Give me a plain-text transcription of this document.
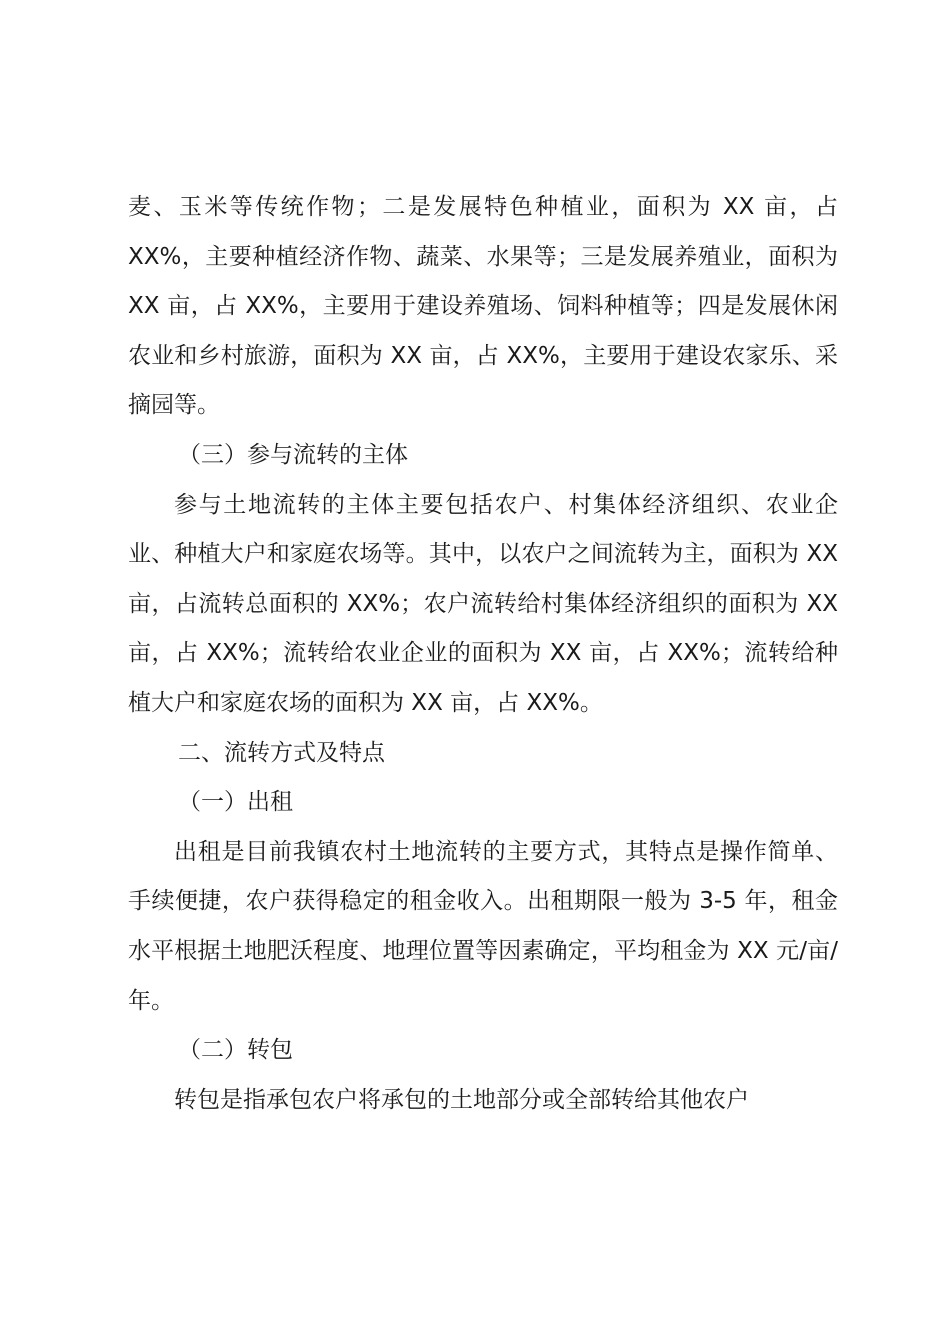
麦、玉米等传统作物；二是发展特色种植业，面积为 XX 亩，占 XX%，主要种植经济作物、蔬菜、水果等；三是发展养殖业，面积为 XX 亩，占 XX%，主要用于建设养殖场、饲料种植等；四是发展休闲农业和乡村旅游，面积为 XX 亩，占 XX%，主要用于建设农家乐、采摘园等。

（三）参与流转的主体

参与土地流转的主体主要包括农户、村集体经济组织、农业企业、种植大户和家庭农场等。其中，以农户之间流转为主，面积为 XX 亩，占流转总面积的 XX%；农户流转给村集体经济组织的面积为 XX 亩，占 XX%；流转给农业企业的面积为 XX 亩，占 XX%；流转给种植大户和家庭农场的面积为 XX 亩，占 XX%。

二、流转方式及特点

（一）出租

出租是目前我镇农村土地流转的主要方式，其特点是操作简单、手续便捷，农户获得稳定的租金收入。出租期限一般为 3-5 年，租金水平根据土地肥沃程度、地理位置等因素确定，平均租金为 XX 元/亩/年。

（二）转包

转包是指承包农户将承包的土地部分或全部转给其他农户
